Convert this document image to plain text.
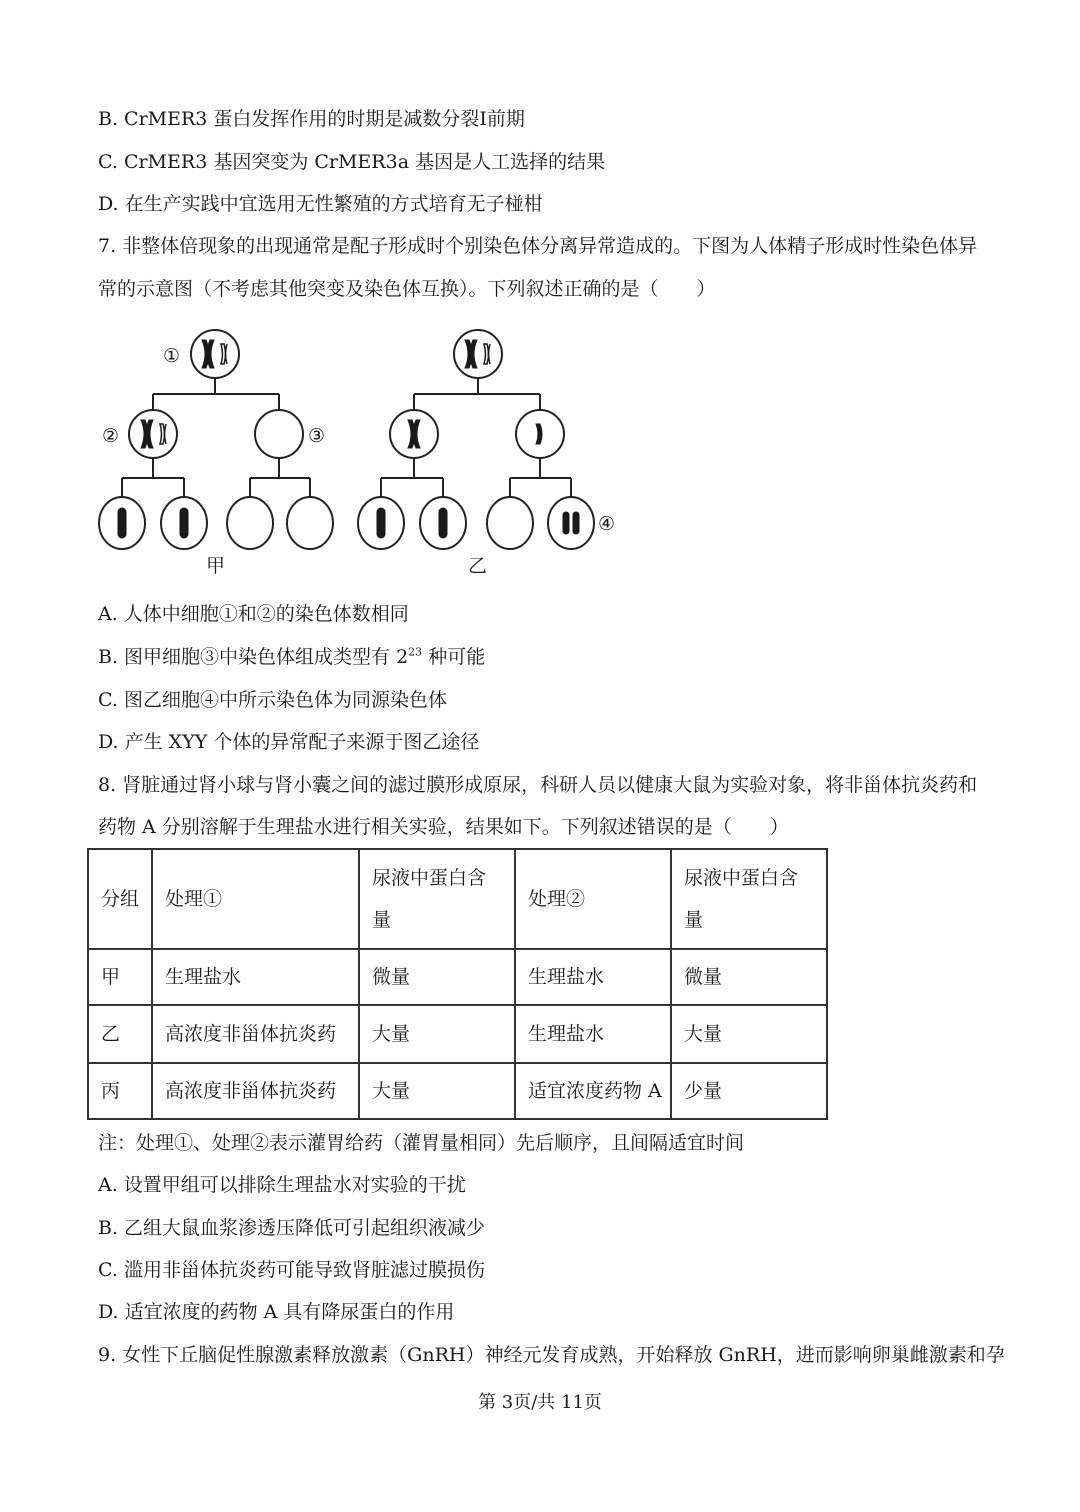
B. CrMER3 蛋白发挥作用的时期是减数分裂I前期
C. CrMER3 基因突变为 CrMER3a 基因是人工选择的结果
D. 在生产实践中宜选用无性繁殖的方式培育无子椪柑
7. 非整体倍现象的出现通常是配子形成时个别染色体分离异常造成的。下图为人体精子形成时性染色体异
常的示意图（不考虑其他突变及染色体互换）。下列叙述正确的是（　　）
①
②	③
④
甲	乙
A. 人体中细胞①和②的染色体数相同
B. 图甲细胞③中染色体组成类型有 $2^{23}$ 种可能
C. 图乙细胞④中所示染色体为同源染色体
D. 产生 XYY 个体的异常配子来源于图乙途径
8. 肾脏通过肾小球与肾小囊之间的滤过膜形成原尿，科研人员以健康大鼠为实验对象，将非甾体抗炎药和
药物 A 分别溶解于生理盐水进行相关实验，结果如下。下列叙述错误的是（　　）
分组	处理①	尿液中蛋白含量	处理②	尿液中蛋白含量

甲	生理盐水	微量	生理盐水	微量
乙	高浓度非甾体抗炎药	大量	生理盐水	大量
丙	高浓度非甾体抗炎药	大量	适宜浓度药物 A	少量
注：处理①、处理②表示灌胃给药（灌胃量相同）先后顺序，且间隔适宜时间
A. 设置甲组可以排除生理盐水对实验的干扰
B. 乙组大鼠血浆渗透压降低可引起组织液减少
C. 滥用非甾体抗炎药可能导致肾脏滤过膜损伤
D. 适宜浓度的药物 A 具有降尿蛋白的作用
9. 女性下丘脑促性腺激素释放激素（GnRH）神经元发育成熟，开始释放 GnRH，进而影响卵巢雌激素和孕
第 3页/共 11页
